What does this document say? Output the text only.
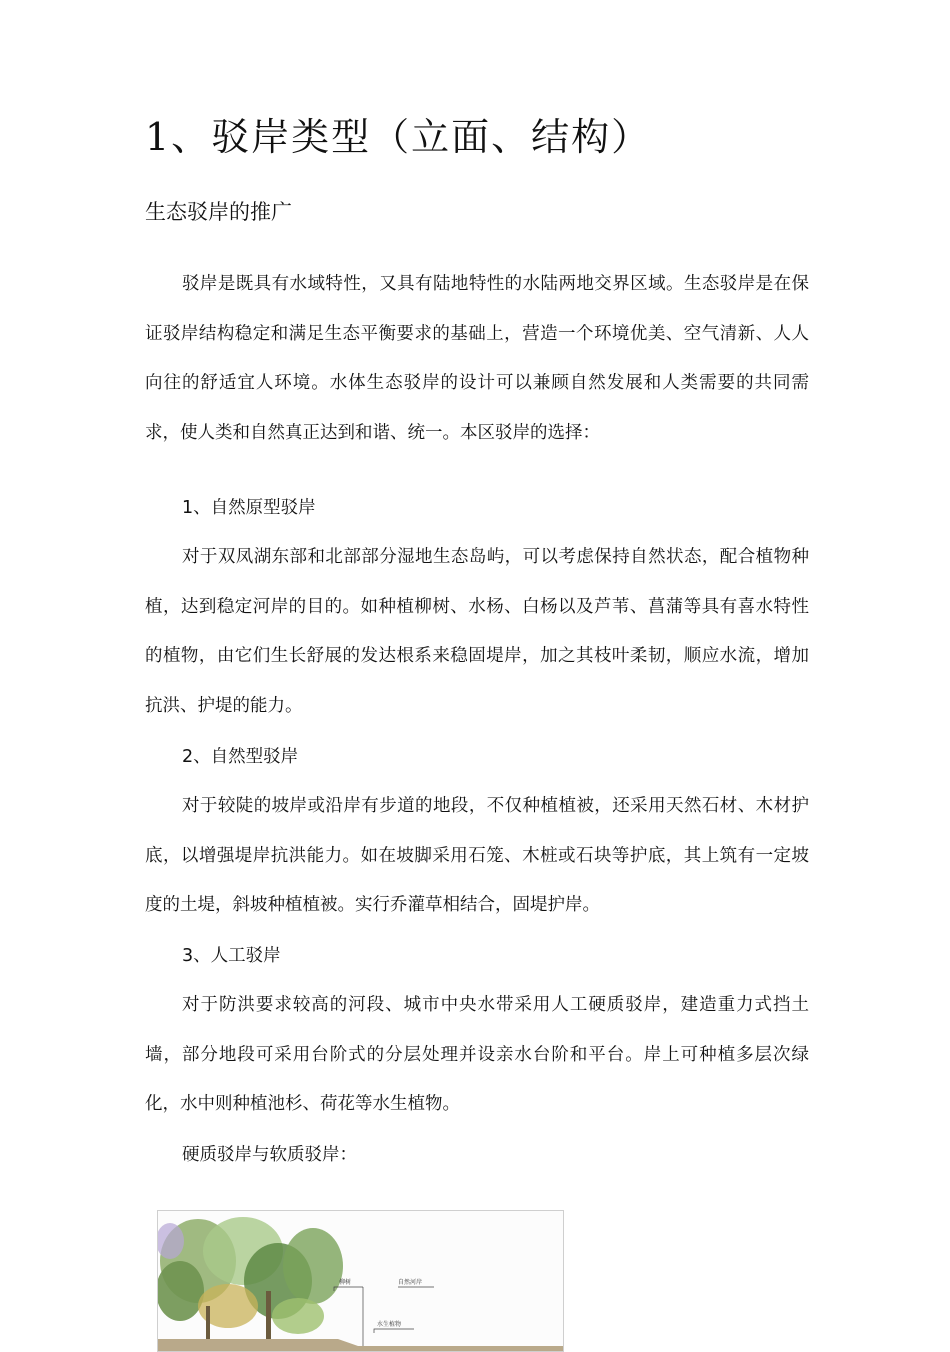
1、驳岸类型（立面、结构）
生态驳岸的推广

驳岸是既具有水域特性，又具有陆地特性的水陆两地交界区域。生态驳岸是在保证驳岸结构稳定和满足生态平衡要求的基础上，营造一个环境优美、空气清新、人人向往的舒适宜人环境。水体生态驳岸的设计可以兼顾自然发展和人类需要的共同需求，使人类和自然真正达到和谐、统一。本区驳岸的选择：

1、自然原型驳岸

对于双凤湖东部和北部部分湿地生态岛屿，可以考虑保持自然状态，配合植物种植，达到稳定河岸的目的。如种植柳树、水杨、白杨以及芦苇、菖蒲等具有喜水特性的植物，由它们生长舒展的发达根系来稳固堤岸，加之其枝叶柔韧，顺应水流，增加抗洪、护堤的能力。

2、自然型驳岸

对于较陡的坡岸或沿岸有步道的地段，不仅种植植被，还采用天然石材、木材护底，以增强堤岸抗洪能力。如在坡脚采用石笼、木桩或石块等护底，其上筑有一定坡度的土堤，斜坡种植植被。实行乔灌草相结合，固堤护岸。

3、人工驳岸

对于防洪要求较高的河段、城市中央水带采用人工硬质驳岸，建造重力式挡土墙，部分地段可采用台阶式的分层处理并设亲水台阶和平台。岸上可种植多层次绿化，水中则种植池杉、荷花等水生植物。

硬质驳岸与软质驳岸：
柳树	自然河岸
水生植物
